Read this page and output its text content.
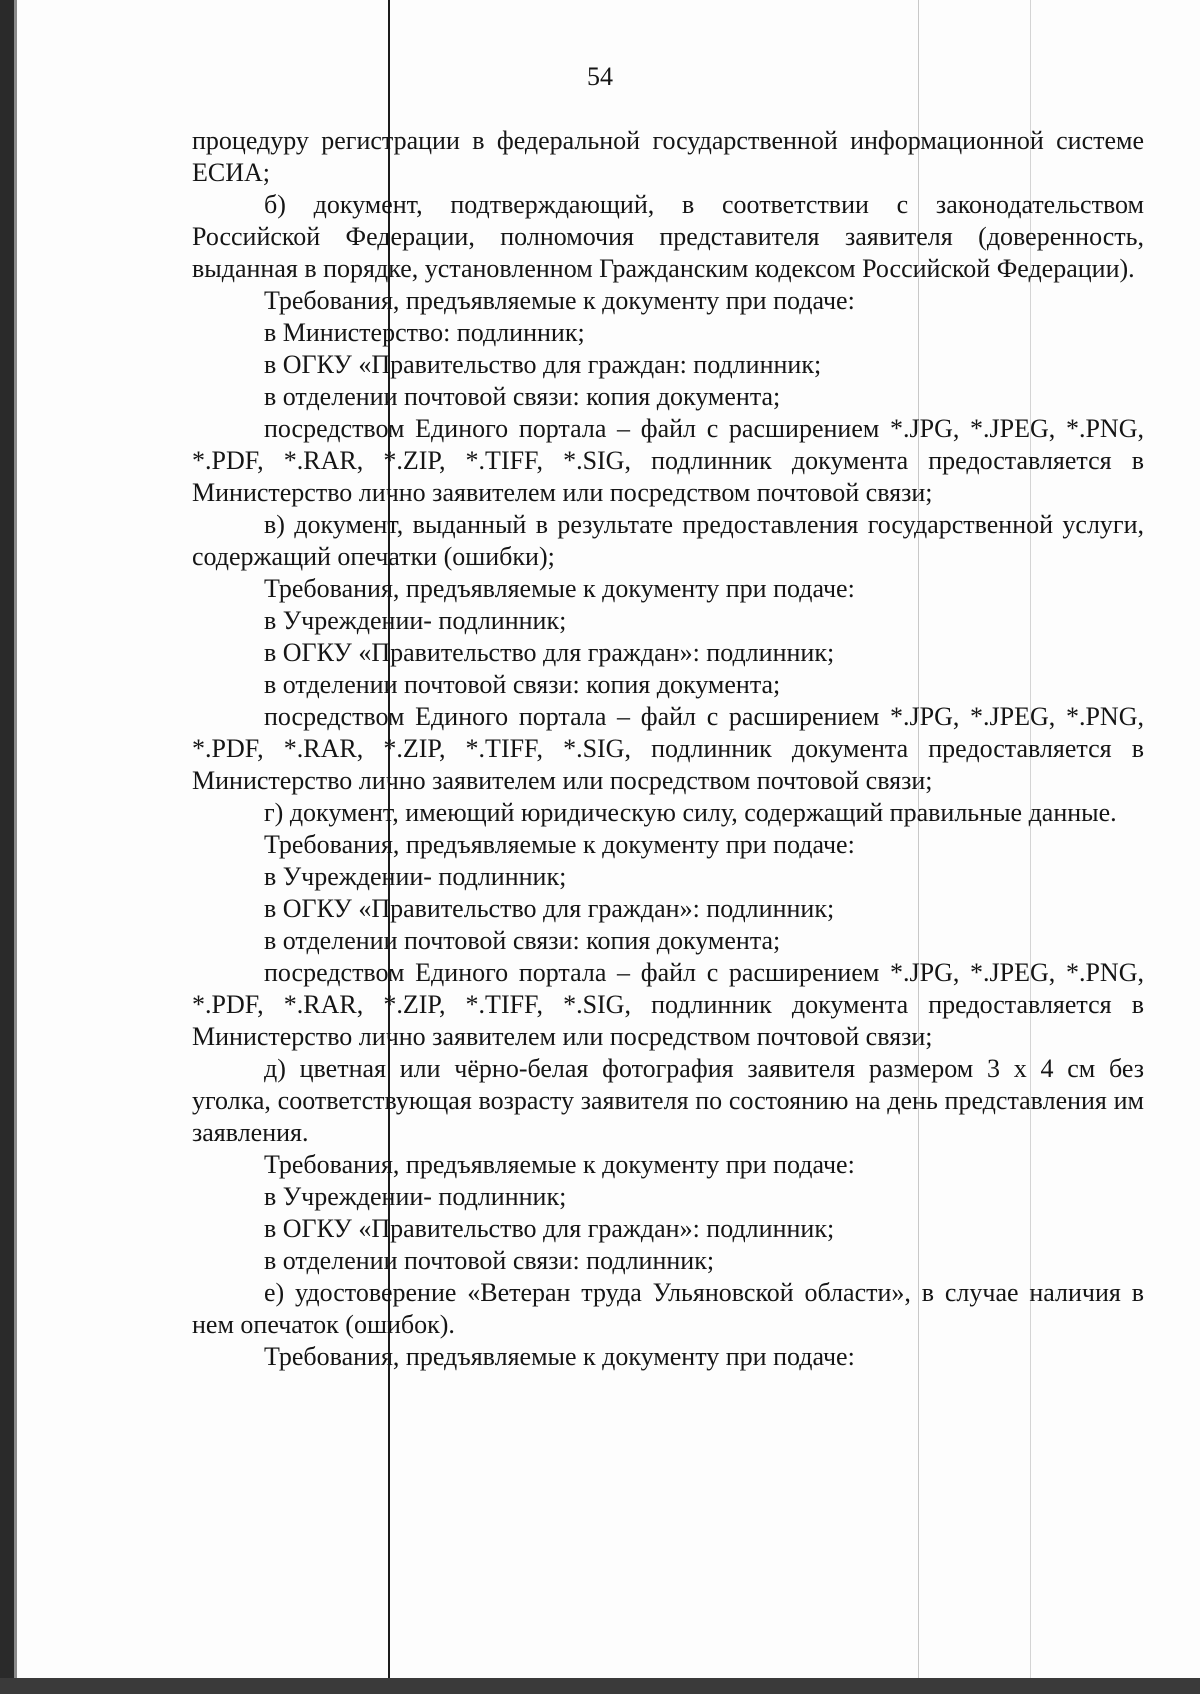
54

процедуру регистрации в федеральной государственной информационной системе ЕСИА;

б) документ, подтверждающий, в соответствии с законодательством Российской Федерации, полномочия представителя заявителя (доверенность, выданная в порядке, установленном Гражданским кодексом Российской Федерации).

Требования, предъявляемые к документу при подаче:

в Министерство: подлинник;

в ОГКУ «Правительство для граждан: подлинник;

в отделении почтовой связи: копия документа;

посредством Единого портала – файл с расширением *.JPG, *.JPEG, *.PNG, *.PDF, *.RAR, *.ZIP, *.TIFF, *.SIG, подлинник документа предоставляется в Министерство лично заявителем или посредством почтовой связи;

в) документ, выданный в результате предоставления государственной услуги, содержащий опечатки (ошибки);

Требования, предъявляемые к документу при подаче:

в Учреждении- подлинник;

в ОГКУ «Правительство для граждан»: подлинник;

в отделении почтовой связи: копия документа;

посредством Единого портала – файл с расширением *.JPG, *.JPEG, *.PNG, *.PDF, *.RAR, *.ZIP, *.TIFF, *.SIG, подлинник документа предоставляется в Министерство лично заявителем или посредством почтовой связи;

г) документ, имеющий юридическую силу, содержащий правильные данные.

Требования, предъявляемые к документу при подаче:

в Учреждении- подлинник;

в ОГКУ «Правительство для граждан»: подлинник;

в отделении почтовой связи: копия документа;

посредством Единого портала – файл с расширением *.JPG, *.JPEG, *.PNG, *.PDF, *.RAR, *.ZIP, *.TIFF, *.SIG, подлинник документа предоставляется в Министерство лично заявителем или посредством почтовой связи;

д) цветная или чёрно-белая фотография заявителя размером 3 х 4 см без уголка, соответствующая возрасту заявителя по состоянию на день представления им заявления.

Требования, предъявляемые к документу при подаче:

в Учреждении- подлинник;

в ОГКУ «Правительство для граждан»: подлинник;

в отделении почтовой связи: подлинник;

е) удостоверение «Ветеран труда Ульяновской области», в случае наличия в нем опечаток (ошибок).

Требования, предъявляемые к документу при подаче:
